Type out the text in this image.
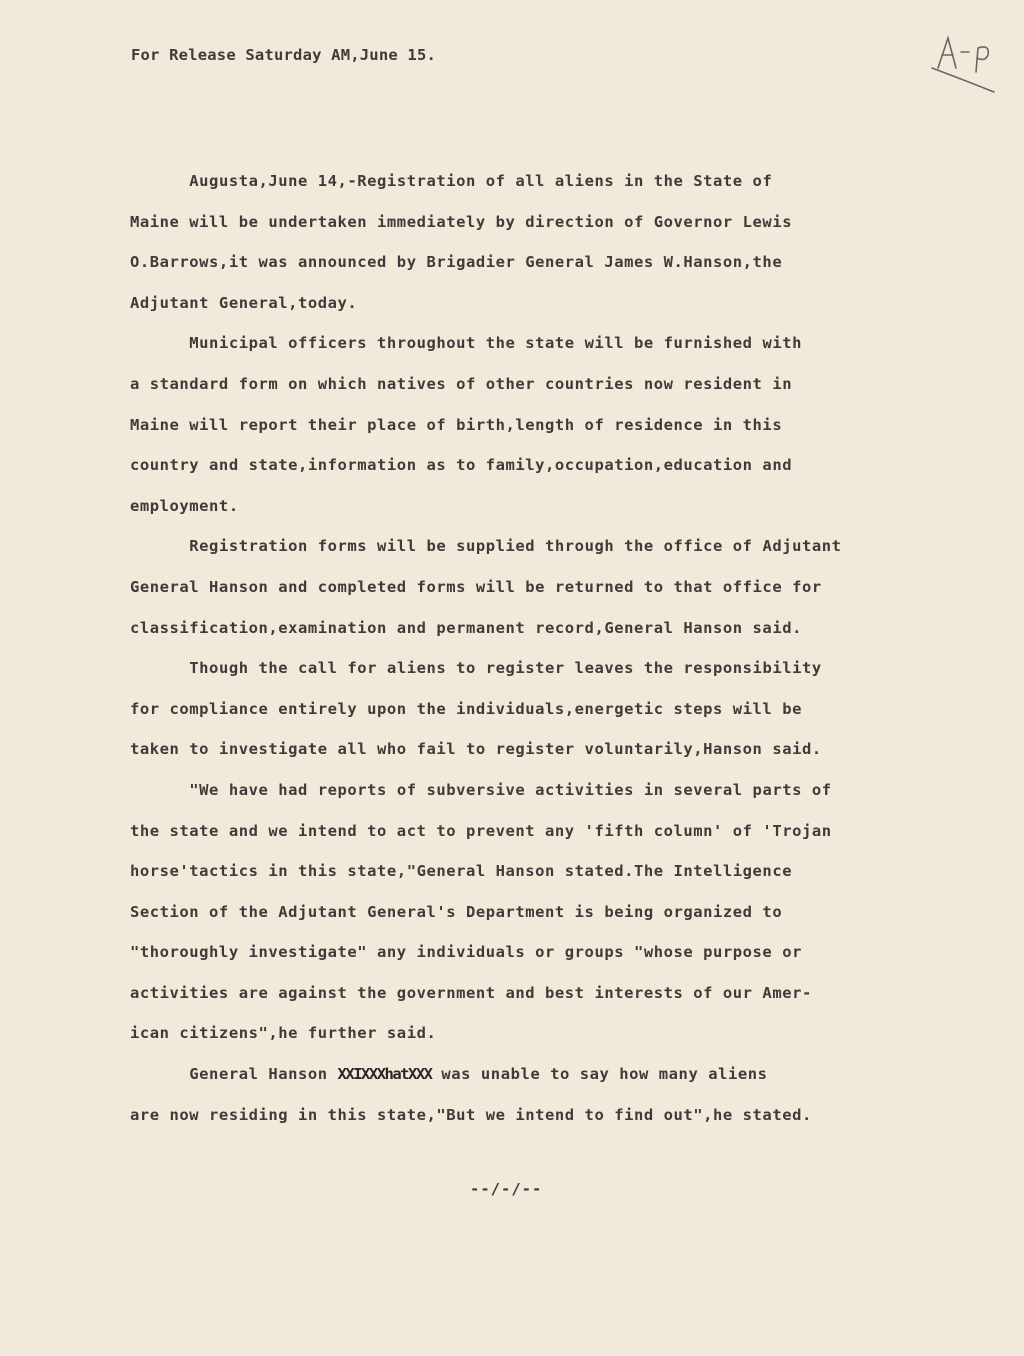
For Release Saturday AM,June 15.
Augusta,June 14,-Registration of all aliens in the State of
Maine will be undertaken immediately by direction of Governor Lewis
O.Barrows,it was announced by Brigadier General James W.Hanson,the
Adjutant General,today.
Municipal officers throughout the state will be furnished with
a standard form on which natives of other countries now resident in
Maine will report their place of birth,length of residence in this
country and state,information as to family,occupation,education and
employment.
Registration forms will be supplied through the office of Adjutant
General Hanson and completed forms will be returned to that office for
classification,examination and permanent record,General Hanson said.
Though the call for aliens to register leaves the responsibility
for compliance entirely upon the individuals,energetic steps will be
taken to investigate all who fail to register voluntarily,Hanson said.
"We have had reports of subversive activities in several parts of
the state and we intend to act to prevent any 'fifth column' of 'Trojan
horse'tactics in this state,"General Hanson stated.The Intelligence
Section of the Adjutant General's Department is being organized to
"thoroughly investigate" any individuals or groups "whose purpose or
activities are against the government and best interests of our Amer-
ican citizens",he further said.
General Hanson XXIXXXhatXXX was unable to say how many aliens
are now residing in this state,"But we intend to find out",he stated.
--/-/--
